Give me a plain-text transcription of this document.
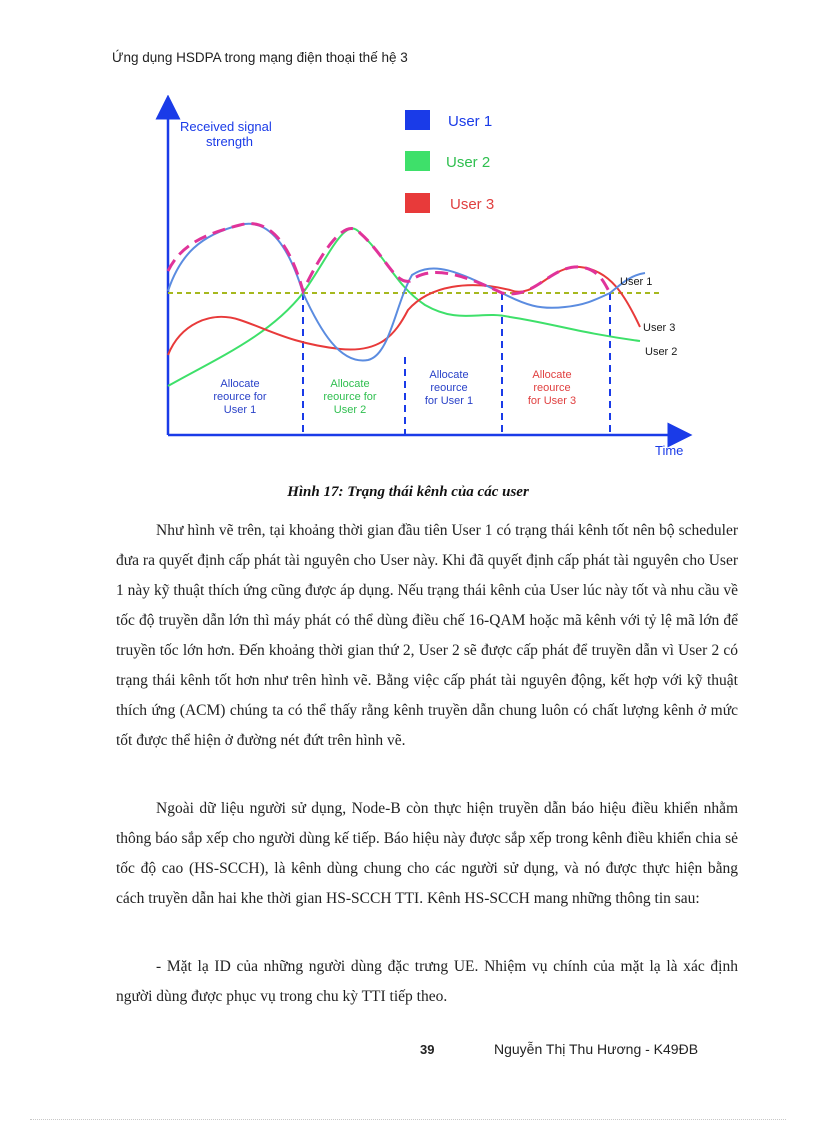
Ứng dụng HSDPA trong mạng điện thoại thế hệ 3
Received signal
strength
Time
User 1
User 2
User 3
User 1
User 3
User 2
Allocate
reource for
User 1
Allocate
reource for
User 2
Allocate
reource
for User 1
Allocate
reource
for User 3
Hình 17: Trạng thái kênh của các user

Như hình vẽ trên, tại khoảng thời gian đầu tiên User 1 có trạng thái kênh tốt nên bộ scheduler đưa ra quyết định cấp phát tài nguyên cho User này. Khi đã quyết định cấp phát tài nguyên cho User 1 này kỹ thuật thích ứng cũng được áp dụng. Nếu trạng thái kênh của User lúc này tốt và nhu cầu về tốc độ truyền dẫn lớn thì máy phát có thể dùng điều chế 16-QAM hoặc mã kênh với tỷ lệ mã lớn để truyền tốc lớn hơn. Đến khoảng thời gian thứ 2, User 2 sẽ được cấp phát để truyền dẫn vì User 2 có trạng thái kênh tốt hơn như trên hình vẽ. Bằng việc cấp phát tài nguyên động, kết hợp với kỹ thuật thích ứng (ACM) chúng ta có thể thấy rằng kênh truyền dẫn chung luôn có chất lượng kênh ở mức tốt được thể hiện ở đường nét đứt trên hình vẽ.

Ngoài dữ liệu người sử dụng, Node-B còn thực hiện truyền dẫn báo hiệu điều khiển nhằm thông báo sắp xếp cho người dùng kế tiếp. Báo hiệu này được sắp xếp trong kênh điều khiển chia sẻ tốc độ cao (HS-SCCH), là kênh dùng chung cho các người sử dụng, và nó được thực hiện bằng cách truyền dẫn hai khe thời gian HS-SCCH TTI. Kênh HS-SCCH mang những thông tin sau:

- Mặt lạ ID của những người dùng đặc trưng UE. Nhiệm vụ chính của mặt lạ là xác định người dùng được phục vụ trong chu kỳ TTI tiếp theo.

39	Nguyễn Thị Thu Hương - K49ĐB
